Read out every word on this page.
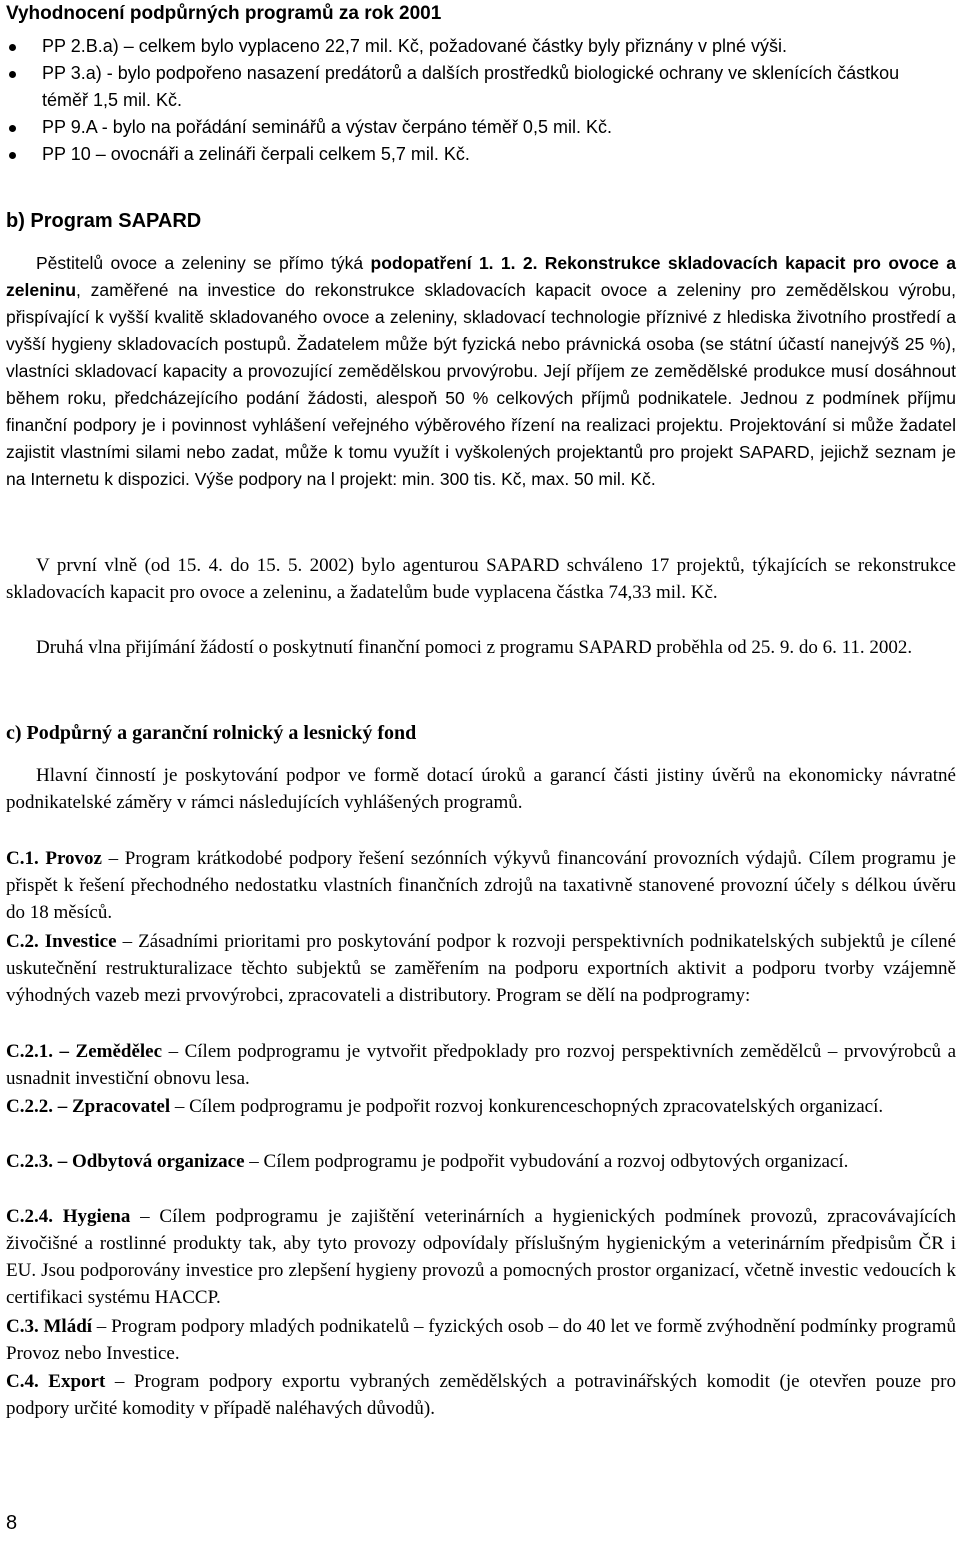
Vyhodnocení podpůrných programů za rok 2001
PP 2.B.a) – celkem bylo vyplaceno 22,7 mil. Kč, požadované částky byly přiznány v plné výši.
PP 3.a) - bylo podpořeno nasazení predátorů a dalších prostředků biologické ochrany ve sklenících částkou téměř 1,5 mil. Kč.
PP 9.A - bylo na pořádání seminářů a výstav čerpáno téměř 0,5 mil. Kč.
PP 10 – ovocnáři a zelináři čerpali celkem 5,7 mil. Kč.
b) Program SAPARD

Pěstitelů ovoce a zeleniny se přímo týká podopatření 1. 1. 2. Rekonstrukce skladovacích kapacit pro ovoce a zeleninu, zaměřené na investice do rekonstrukce skladovacích kapacit ovoce a zeleniny pro zemědělskou výrobu, přispívající k vyšší kvalitě skladovaného ovoce a zeleniny, skladovací technologie příznivé z hlediska životního prostředí a vyšší hygieny skladovacích postupů. Žadatelem může být fyzická nebo právnická osoba (se státní účastí nanejvýš 25 %), vlastníci skladovací kapacity a provozující zemědělskou prvovýrobu. Její příjem ze zemědělské produkce musí dosáhnout během roku, předcházejícího podání žádosti, alespoň 50 % celkových příjmů podnikatele. Jednou z podmínek příjmu finanční podpory je i povinnost vyhlášení veřejného výběrového řízení na realizaci projektu. Projektování si může žadatel zajistit vlastními silami nebo zadat, může k tomu využít i vyškolených projektantů pro projekt SAPARD, jejichž seznam je na Internetu k dispozici. Výše podpory na l projekt: min. 300 tis. Kč, max. 50 mil. Kč.

V první vlně (od 15. 4. do 15. 5. 2002) bylo agenturou SAPARD schváleno 17 projektů, týkajících se rekonstrukce skladovacích kapacit pro ovoce a zeleninu, a žadatelům bude vyplacena částka 74,33 mil. Kč.

Druhá vlna přijímání žádostí o poskytnutí finanční pomoci z programu SAPARD proběhla od 25. 9. do 6. 11. 2002.

c) Podpůrný a garanční rolnický a lesnický fond

Hlavní činností je poskytování podpor ve formě dotací úroků a garancí části jistiny úvěrů na ekonomicky návratné podnikatelské záměry v rámci následujících vyhlášených programů.

C.1. Provoz – Program krátkodobé podpory řešení sezónních výkyvů financování provozních výdajů. Cílem programu je přispět k řešení přechodného nedostatku vlastních finančních zdrojů na taxativně stanovené provozní účely s délkou úvěru do 18 měsíců.

C.2. Investice – Zásadními prioritami pro poskytování podpor k rozvoji perspektivních podnikatelských subjektů je cílené uskutečnění restrukturalizace těchto subjektů se zaměřením na podporu exportních aktivit a podporu tvorby vzájemně výhodných vazeb mezi prvovýrobci, zpracovateli a distributory. Program se dělí na podprogramy:

C.2.1. – Zemědělec – Cílem podprogramu je vytvořit předpoklady pro rozvoj perspektivních zemědělců – prvovýrobců a usnadnit investiční obnovu lesa.

C.2.2. – Zpracovatel – Cílem podprogramu je podpořit rozvoj konkurenceschopných zpracovatelských organizací.

C.2.3. – Odbytová organizace – Cílem podprogramu je podpořit vybudování a rozvoj odbytových organizací.

C.2.4. Hygiena – Cílem podprogramu je zajištění veterinárních a hygienických podmínek provozů, zpracovávajících živočišné a rostlinné produkty tak, aby tyto provozy odpovídaly příslušným hygienickým a veterinárním předpisům ČR i EU. Jsou podporovány investice pro zlepšení hygieny provozů a pomocných prostor organizací, včetně investic vedoucích k certifikaci systému HACCP.

C.3. Mládí – Program podpory mladých podnikatelů – fyzických osob – do 40 let ve formě zvýhodnění podmínky programů Provoz nebo Investice.

C.4. Export – Program podpory exportu vybraných zemědělských a potravinářských komodit (je otevřen pouze pro podpory určité komodity v případě naléhavých důvodů).

8
